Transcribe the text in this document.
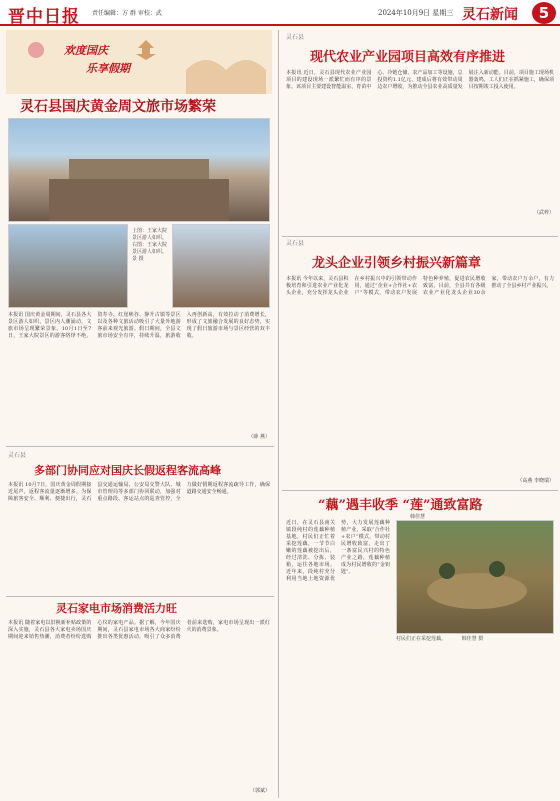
晋中日报 责任编辑：方 群 审校：武	2024年10月9日 星期三 灵石新闻	5
欢度国庆
乐享假期
灵石县国庆黄金周文旅市场繁荣
上图：王家大院景区游人如织。
右图：王家大院景区游人如织。
景 摄
本报讯 国庆黄金周期间，灵石县各大景区游人如织，景区内人潮涌动，文旅市场呈现繁荣景象。10月1日至7日，王家大院景区的游客络绎不绝，资寿寺、红崖峡谷、静升古镇等景区以及各种文旅活动吸引了大量外地游客前来观光旅游。假日期间，全县文旅市场安全有序，持续升温，旅游收入再创新高，有效拉动了消费增长，形成了文旅融合发展的良好态势，实现了假日旅游市场与景区经营的双丰收。
（薛 燕）
灵石县
多部门协同应对国庆长假返程客流高峰
本报讯 10月7日，国庆黄金周假期接近尾声，返程客流量逐渐增多。为保障旅客安全、顺利、便捷出行，灵石县交通运输局、公安局交警大队、城市管理局等多部门协同联动，加强对重点路段、客运站点的巡查管控，全力做好假期返程客流疏导工作，确保道路交通安全畅通。
灵石家电市场消费活力旺
本报讯 随着家电以旧换新补贴政策的深入实施，灵石县各大家电卖场国庆期间迎来销售热潮，消费者纷纷选购心仪的家电产品。据了解，今年国庆期间，灵石县家电市场各大商家纷纷推出各类优惠活动，吸引了众多消费者前来选购，家电市场呈现出一派红火的消费景象。
（郭斌）
灵石县
现代农业产业园项目高效有序推进
本报讯 近日，灵石县现代农业产业园项目的建设现场一派繁忙而有序的景象。该项目主要建设智能温室、育苗中心、冷链仓储、农产品加工等设施，总投资约1.1亿元，建成后将有效带动周边农户增收，为推动全县农业高质量发展注入新动能。目前，项目施工现场机器轰鸣，工人们正在抓紧施工，确保项目按期竣工投入使用。
（武梓）
灵石县
龙头企业引领乡村振兴新篇章
本报讯 今年以来，灵石县积极培育和引进农业产业化龙头企业，充分发挥龙头企业在乡村振兴中的引领带动作用，通过“企业+合作社+农户”等模式，带动农户发展特色种养殖，促进农民增收致富。目前，全县共有各级农业产业化龙头企业30余家，带动农户万余户，有力推动了全县乡村产业振兴。
（高燕 李晓瑞）
“藕”遇丰收季 “莲”通致富路
韩佳慧
村民们正在采挖莲藕。	韩佳慧 摄
近日，在灵石县南关镇段纯村的莲藕种植基地，村民们正忙着采挖莲藕，一节节白嫩的莲藕被挖出后，经过清洗、分拣、装箱，运往各地市场。近年来，段纯村充分利用当地土地资源优势，大力发展莲藕种植产业，采取“合作社+农户”模式，带动村民增收致富，走出了一条富民兴村的特色产业之路，莲藕种植成为村民增收的“金钥匙”。
